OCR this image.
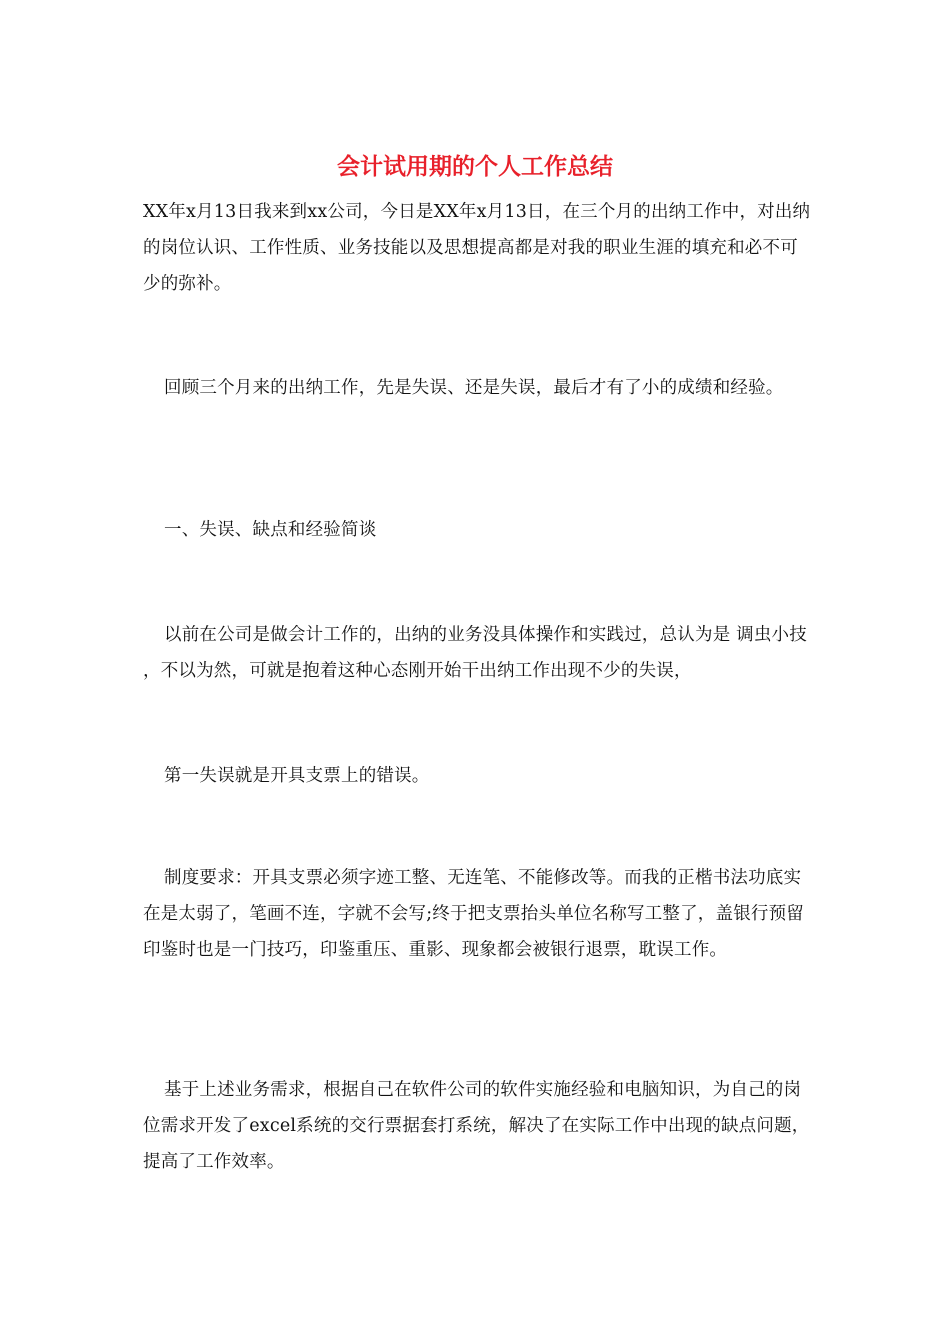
会计试用期的个人工作总结

XX年x月13日我来到xx公司，今日是XX年x月13日，在三个月的出纳工作中，对出纳的岗位认识、工作性质、业务技能以及思想提高都是对我的职业生涯的填充和必不可少的弥补。

回顾三个月来的出纳工作，先是失误、还是失误，最后才有了小的成绩和经验。

一、失误、缺点和经验简谈

以前在公司是做会计工作的，出纳的业务没具体操作和实践过，总认为是 调虫小技 ，不以为然，可就是抱着这种心态刚开始干出纳工作出现不少的失误，

第一失误就是开具支票上的错误。

制度要求：开具支票必须字迹工整、无连笔、不能修改等。而我的正楷书法功底实在是太弱了，笔画不连，字就不会写;终于把支票抬头单位名称写工整了，盖银行预留印鉴时也是一门技巧，印鉴重压、重影、现象都会被银行退票，耽误工作。

基于上述业务需求，根据自己在软件公司的软件实施经验和电脑知识，为自己的岗位需求开发了excel系统的交行票据套打系统，解决了在实际工作中出现的缺点问题，提高了工作效率。
